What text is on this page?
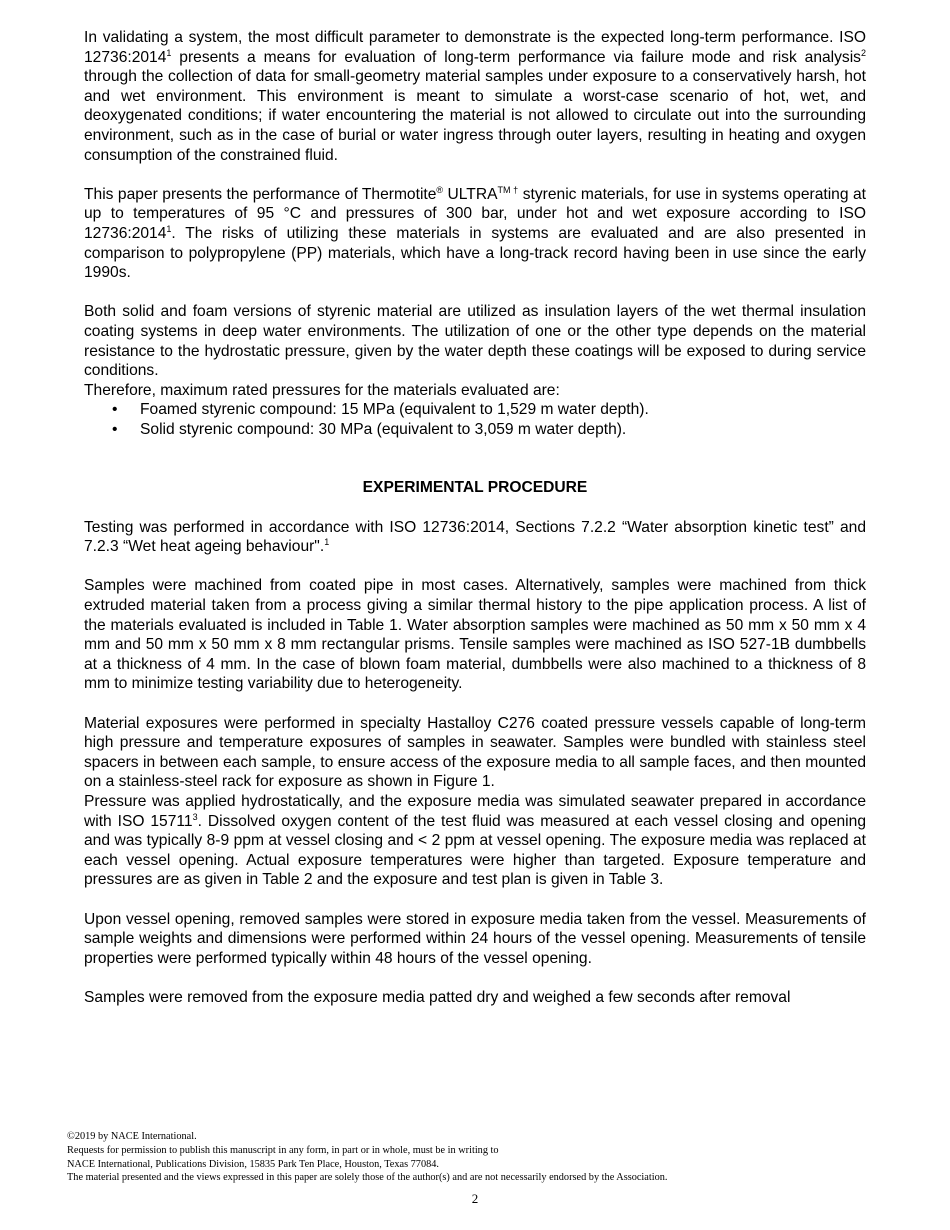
In validating a system, the most difficult parameter to demonstrate is the expected long-term performance. ISO 12736:2014$^1$ presents a means for evaluation of long-term performance via failure mode and risk analysis$^2$ through the collection of data for small-geometry material samples under exposure to a conservatively harsh, hot and wet environment. This environment is meant to simulate a worst-case scenario of hot, wet, and deoxygenated conditions; if water encountering the material is not allowed to circulate out into the surrounding environment, such as in the case of burial or water ingress through outer layers, resulting in heating and oxygen consumption of the constrained fluid.

This paper presents the performance of Thermotite® $ULTRA^{TM \dagger}$ styrenic materials, for use in systems operating at up to temperatures of 95 °C and pressures of 300 bar, under hot and wet exposure according to ISO 12736:2014$^1$. The risks of utilizing these materials in systems are evaluated and are also presented in comparison to polypropylene (PP) materials, which have a long-track record having been in use since the early 1990s.

Both solid and foam versions of styrenic material are utilized as insulation layers of the wet thermal insulation coating systems in deep water environments. The utilization of one or the other type depends on the material resistance to the hydrostatic pressure, given by the water depth these coatings will be exposed to during service conditions.

Therefore, maximum rated pressures for the materials evaluated are:

• Foamed styrenic compound: 15 MPa (equivalent to 1,529 m water depth).
• Solid styrenic compound: 30 MPa (equivalent to 3,059 m water depth).
EXPERIMENTAL PROCEDURE

Testing was performed in accordance with ISO 12736:2014, Sections 7.2.2 “Water absorption kinetic test” and 7.2.3 “Wet heat ageing behaviour".$^1$

Samples were machined from coated pipe in most cases. Alternatively, samples were machined from thick extruded material taken from a process giving a similar thermal history to the pipe application process. A list of the materials evaluated is included in Table 1. Water absorption samples were machined as 50 mm x 50 mm x 4 mm and 50 mm x 50 mm x 8 mm rectangular prisms. Tensile samples were machined as ISO 527-1B dumbbells at a thickness of 4 mm. In the case of blown foam material, dumbbells were also machined to a thickness of 8 mm to minimize testing variability due to heterogeneity.

Material exposures were performed in specialty Hastalloy C276 coated pressure vessels capable of long-term high pressure and temperature exposures of samples in seawater. Samples were bundled with stainless steel spacers in between each sample, to ensure access of the exposure media to all sample faces, and then mounted on a stainless-steel rack for exposure as shown in Figure 1.

Pressure was applied hydrostatically, and the exposure media was simulated seawater prepared in accordance with ISO 15711$^3$. Dissolved oxygen content of the test fluid was measured at each vessel closing and opening and was typically 8-9 ppm at vessel closing and < 2 ppm at vessel opening. The exposure media was replaced at each vessel opening. Actual exposure temperatures were higher than targeted. Exposure temperature and pressures are as given in Table 2 and the exposure and test plan is given in Table 3.

Upon vessel opening, removed samples were stored in exposure media taken from the vessel. Measurements of sample weights and dimensions were performed within 24 hours of the vessel opening. Measurements of tensile properties were performed typically within 48 hours of the vessel opening.

Samples were removed from the exposure media patted dry and weighed a few seconds after removal

©2019 by NACE International.
Requests for permission to publish this manuscript in any form, in part or in whole, must be in writing to
NACE International, Publications Division, 15835 Park Ten Place, Houston, Texas 77084.
The material presented and the views expressed in this paper are solely those of the author(s) and are not necessarily endorsed by the Association.
2
